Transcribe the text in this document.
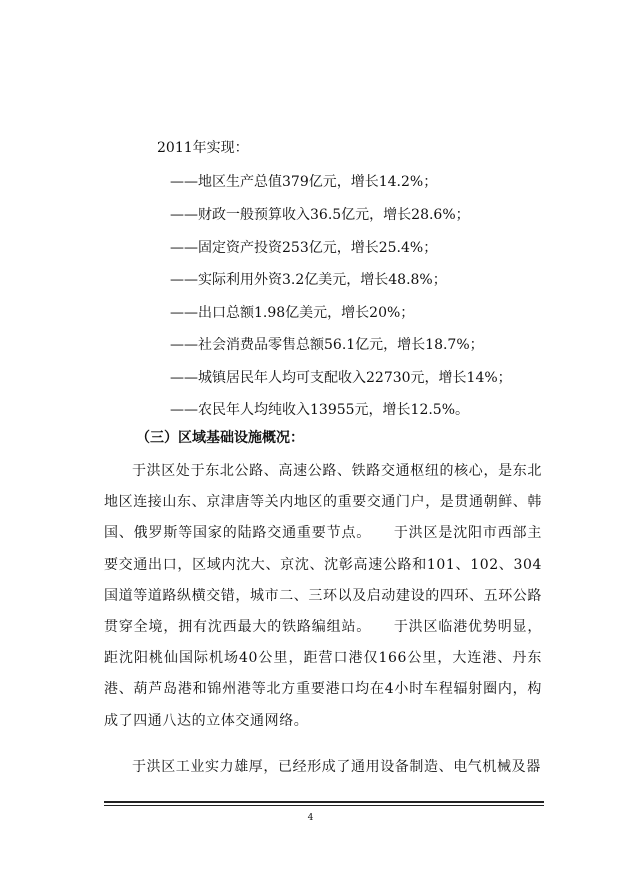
2011年实现：
——地区生产总值379亿元，增长14.2%；
——财政一般预算收入36.5亿元，增长28.6%；
——固定资产投资253亿元，增长25.4%；
——实际利用外资3.2亿美元，增长48.8%；
——出口总额1.98亿美元，增长20%；
——社会消费品零售总额56.1亿元，增长18.7%；
——城镇居民年人均可支配收入22730元，增长14%；
——农民年人均纯收入13955元，增长12.5%。
（三）区域基础设施概况：
于洪区处于东北公路、高速公路、铁路交通枢纽的核心，是东北地区连接山东、京津唐等关内地区的重要交通门户，是贯通朝鲜、韩国、俄罗斯等国家的陆路交通重要节点。　　于洪区是沈阳市西部主要交通出口，区域内沈大、京沈、沈彰高速公路和101、102、304国道等道路纵横交错，城市二、三环以及启动建设的四环、五环公路贯穿全境，拥有沈西最大的铁路编组站。　　于洪区临港优势明显，距沈阳桃仙国际机场40公里，距营口港仅166公里，大连港、丹东港、葫芦岛港和锦州港等北方重要港口均在4小时车程辐射圈内，构成了四通八达的立体交通网络。
于洪区工业实力雄厚，已经形成了通用设备制造、电气机械及器
4
